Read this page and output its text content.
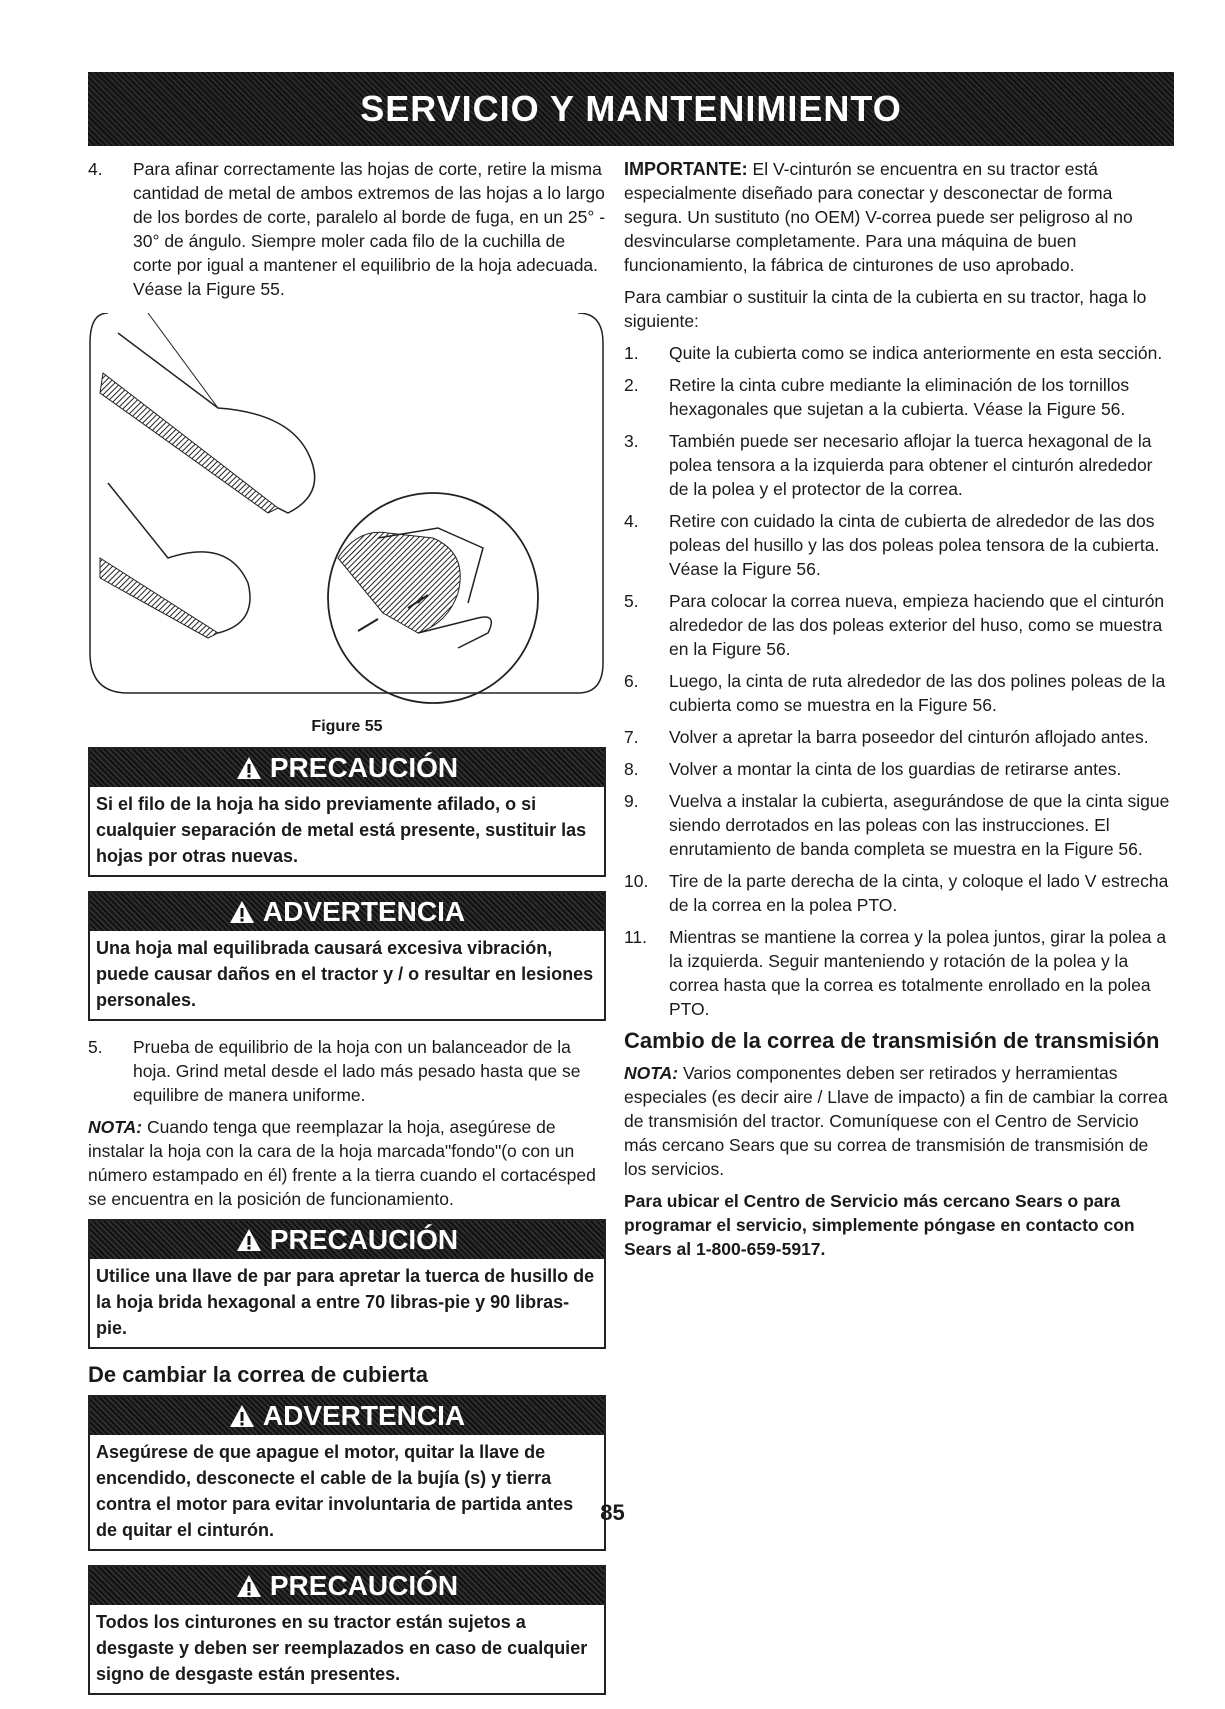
SERVICIO Y MANTENIMIENTO
4.	Para afinar correctamente las hojas de corte, retire la misma cantidad de metal de ambos extremos de las hojas a lo largo de los bordes de corte, paralelo al borde de fuga, en un 25° - 30° de ángulo. Siempre moler cada filo de la cuchilla de corte por igual a mantener el equilibrio de la hoja adecuada. Véase la Figure 55.
Figure 55
PRECAUCIÓN
Si el filo de la hoja ha sido previamente afilado, o si cualquier separación de metal está presente, sustituir las hojas por otras nuevas.
ADVERTENCIA
Una hoja mal equilibrada causará excesiva vibración, puede causar daños en el tractor y / o resultar en lesiones personales.
5.	Prueba de equilibrio de la hoja con un balanceador de la hoja. Grind metal desde el lado más pesado hasta que se equilibre de manera uniforme.

NOTA: Cuando tenga que reemplazar la hoja, asegúrese de instalar la hoja con la cara de la hoja marcada"fondo"(o con un número estampado en él) frente a la tierra cuando el cortacésped se encuentra en la posición de funcionamiento.

PRECAUCIÓN
Utilice una llave de par para apretar la tuerca de husillo de la hoja brida hexagonal a entre 70 libras-pie y 90 libras-pie.
De cambiar la correa de cubierta
ADVERTENCIA
Asegúrese de que apague el motor, quitar la llave de encendido, desconecte el cable de la bujía (s) y tierra contra el motor para evitar involuntaria de partida antes de quitar el cinturón.
PRECAUCIÓN
Todos los cinturones en su tractor están sujetos a desgaste y deben ser reemplazados en caso de cualquier signo de desgaste están presentes.

IMPORTANTE: El V-cinturón se encuentra en su tractor está especialmente diseñado para conectar y desconectar de forma segura. Un sustituto (no OEM) V-correa puede ser peligroso al no desvincularse completamente. Para una máquina de buen funcionamiento, la fábrica de cinturones de uso aprobado.

Para cambiar o sustituir la cinta de la cubierta en su tractor, haga lo siguiente:

1.	Quite la cubierta como se indica anteriormente en esta sección.
2.	Retire la cinta cubre mediante la eliminación de los tornillos hexagonales que sujetan a la cubierta. Véase la Figure 56.
3.	También puede ser necesario aflojar la tuerca hexagonal de la polea tensora a la izquierda para obtener el cinturón alrededor de la polea y el protector de la correa.
4.	Retire con cuidado la cinta de cubierta de alrededor de las dos poleas del husillo y las dos poleas polea tensora de la cubierta. Véase la Figure 56.
5.	Para colocar la correa nueva, empieza haciendo que el cinturón alrededor de las dos poleas exterior del huso, como se muestra en la Figure 56.
6.	Luego, la cinta de ruta alrededor de las dos polines poleas de la cubierta como se muestra en la Figure 56.
7.	Volver a apretar la barra poseedor del cinturón aflojado antes.
8.	Volver a montar la cinta de los guardias de retirarse antes.
9.	Vuelva a instalar la cubierta, asegurándose de que la cinta sigue siendo derrotados en las poleas con las instrucciones. El enrutamiento de banda completa se muestra en la Figure 56.
10.	Tire de la parte derecha de la cinta, y coloque el lado V estrecha de la correa en la polea PTO.
11.	Mientras se mantiene la correa y la polea juntos, girar la polea a la izquierda. Seguir manteniendo y rotación de la polea y la correa hasta que la correa es totalmente enrollado en la polea PTO.
Cambio de la correa de transmisión de transmisión

NOTA: Varios componentes deben ser retirados y herramientas especiales (es decir aire / Llave de impacto) a fin de cambiar la correa de transmisión del tractor. Comuníquese con el Centro de Servicio más cercano Sears que su correa de transmisión de transmisión de los servicios.

Para ubicar el Centro de Servicio más cercano Sears o para programar el servicio, simplemente póngase en contacto con Sears al 1-800-659-5917.

85
